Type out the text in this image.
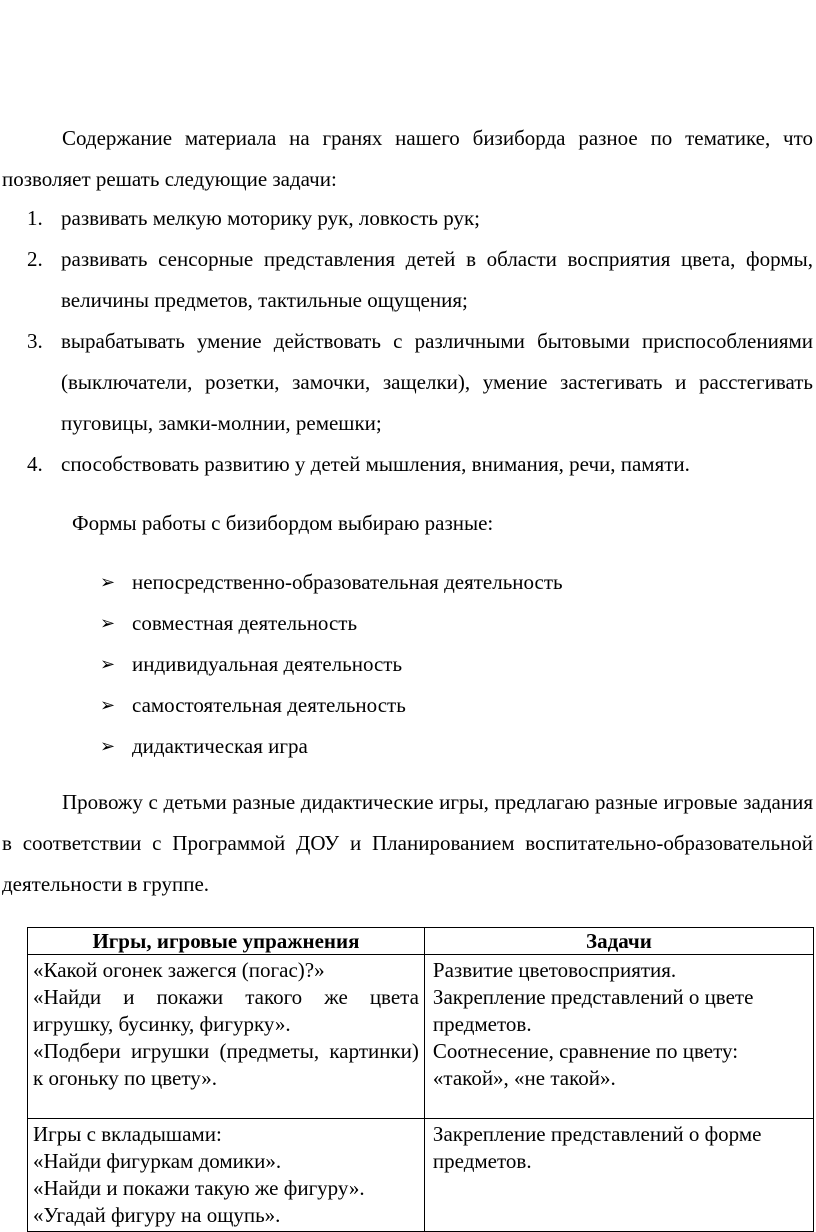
Содержание материала на гранях нашего бизиборда разное по тематике, что позволяет решать следующие задачи:

1. развивать мелкую моторику рук, ловкость рук;
2. развивать сенсорные представления детей в области восприятия цвета, формы, величины предметов, тактильные ощущения;
3. вырабатывать умение действовать с различными бытовыми приспособлениями (выключатели, розетки, замочки, защелки), умение застегивать и расстегивать пуговицы, замки-молнии, ремешки;
4. способствовать развитию у детей мышления, внимания, речи, памяти.

Формы работы с бизибордом выбираю разные:

➢ непосредственно-образовательная деятельность
➢ совместная деятельность
➢ индивидуальная деятельность
➢ самостоятельная деятельность
➢ дидактическая игра

Провожу с детьми разные дидактические игры, предлагаю разные игровые задания в соответствии с Программой ДОУ и Планированием воспитательно-образовательной деятельности в группе.

Игры, игровые упражнения	Задачи

«Какой огонек зажегся (погас)?»
«Найди и покажи такого же цвета игрушку, бусинку, фигурку».
«Подбери игрушки (предметы, картинки) к огоньку по цвету».	Развитие цветовосприятия.
Закрепление представлений о цвете предметов.
Соотнесение, сравнение по цвету: «такой», «не такой».

Игры с вкладышами:
«Найди фигуркам домики».
«Найди и покажи такую же фигуру».
«Угадай фигуру на ощупь».	Закрепление представлений о форме предметов.
